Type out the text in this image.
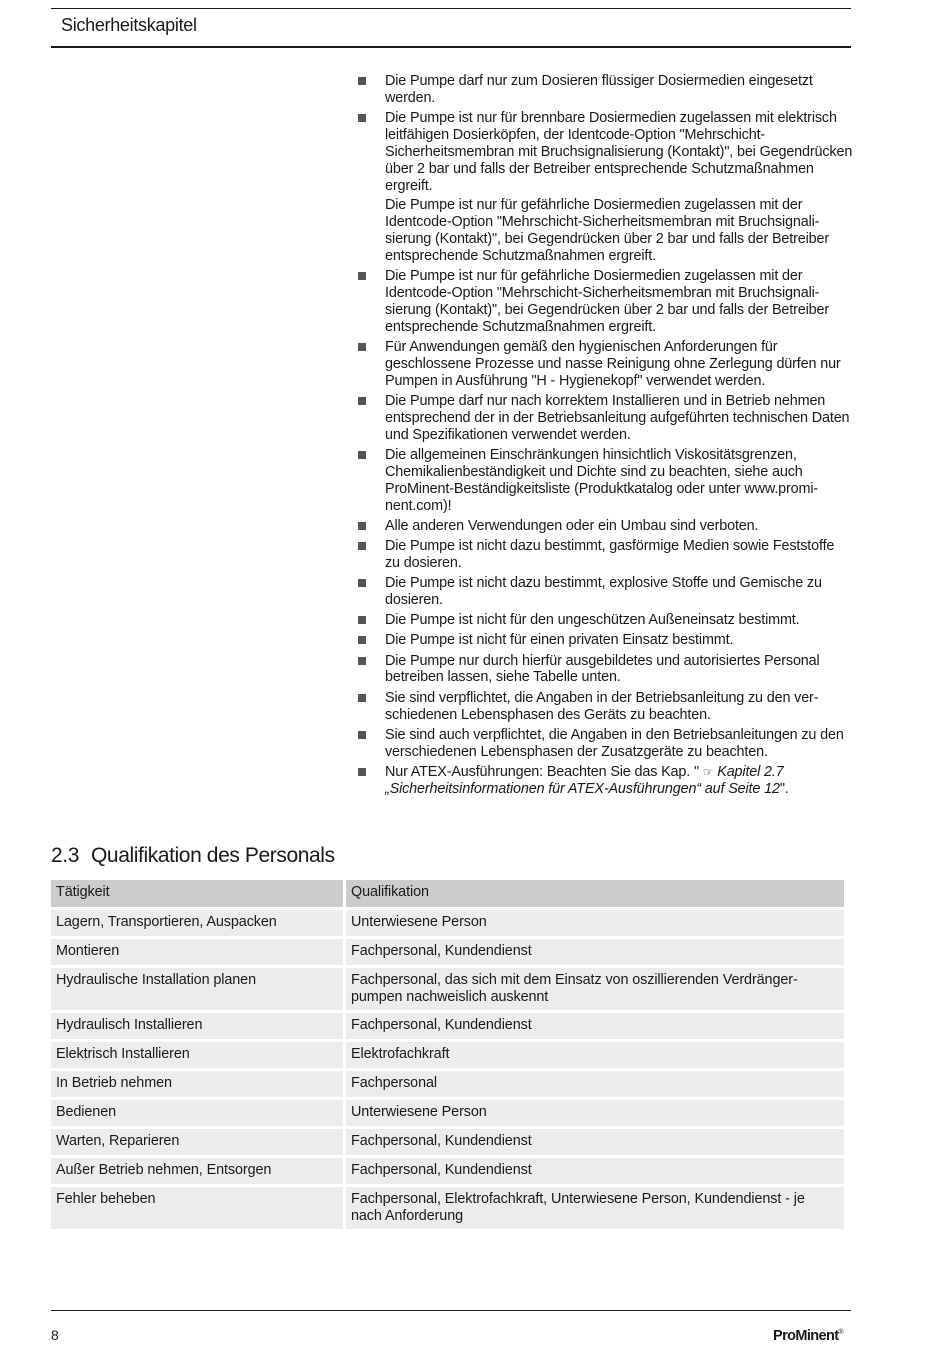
Sicherheitskapitel
Die Pumpe darf nur zum Dosieren flüssiger Dosiermedien eingesetzt werden.
Die Pumpe ist nur für brennbare Dosiermedien zugelassen mit elektrisch leitfähigen Dosierköpfen, der Identcode-Option "Mehrschicht-Sicherheitsmembran mit Bruchsignalisierung (Kontakt)", bei Gegendrücken über 2 bar und falls der Betreiber entsprechende Schutzmaßnahmen ergreift.
Die Pumpe ist nur für gefährliche Dosiermedien zugelassen mit der Identcode-Option "Mehrschicht-Sicherheitsmembran mit Bruchsignalisierung (Kontakt)", bei Gegendrücken über 2 bar und falls der Betreiber entsprechende Schutzmaßnahmen ergreift.
Die Pumpe ist nur für gefährliche Dosiermedien zugelassen mit der Identcode-Option "Mehrschicht-Sicherheitsmembran mit Bruchsignalisierung (Kontakt)", bei Gegendrücken über 2 bar und falls der Betreiber entsprechende Schutzmaßnahmen ergreift.
Für Anwendungen gemäß den hygienischen Anforderungen für geschlossene Prozesse und nasse Reinigung ohne Zerlegung dürfen nur Pumpen in Ausführung "H - Hygienekopf" verwendet werden.
Die Pumpe darf nur nach korrektem Installieren und in Betrieb nehmen entsprechend der in der Betriebsanleitung aufgeführten technischen Daten und Spezifikationen verwendet werden.
Die allgemeinen Einschränkungen hinsichtlich Viskositätsgrenzen, Chemikalienbeständigkeit und Dichte sind zu beachten, siehe auch ProMinent-Beständigkeitsliste (Produktkatalog oder unter www.prominent.com)!
Alle anderen Verwendungen oder ein Umbau sind verboten.
Die Pumpe ist nicht dazu bestimmt, gasförmige Medien sowie Feststoffe zu dosieren.
Die Pumpe ist nicht dazu bestimmt, explosive Stoffe und Gemische zu dosieren.
Die Pumpe ist nicht für den ungeschützen Außeneinsatz bestimmt.
Die Pumpe ist nicht für einen privaten Einsatz bestimmt.
Die Pumpe nur durch hierfür ausgebildetes und autorisiertes Personal betreiben lassen, siehe Tabelle unten.
Sie sind verpflichtet, die Angaben in der Betriebsanleitung zu den verschiedenen Lebensphasen des Geräts zu beachten.
Sie sind auch verpflichtet, die Angaben in den Betriebsanleitungen zu den verschiedenen Lebensphasen der Zusatzgeräte zu beachten.
Nur ATEX-Ausführungen: Beachten Sie das Kap. " ☞ Kapitel 2.7 „Sicherheitsinformationen für ATEX-Ausführungen“ auf Seite 12".
2.3 Qualifikation des Personals
Tätigkeit	Qualifikation
Lagern, Transportieren, Auspacken	Unterwiesene Person
Montieren	Fachpersonal, Kundendienst
Hydraulische Installation planen	Fachpersonal, das sich mit dem Einsatz von oszillierenden Verdrängerpumpen nachweislich auskennt
Hydraulisch Installieren	Fachpersonal, Kundendienst
Elektrisch Installieren	Elektrofachkraft
In Betrieb nehmen	Fachpersonal
Bedienen	Unterwiesene Person
Warten, Reparieren	Fachpersonal, Kundendienst
Außer Betrieb nehmen, Entsorgen	Fachpersonal, Kundendienst
Fehler beheben	Fachpersonal, Elektrofachkraft, Unterwiesene Person, Kundendienst - je nach Anforderung
8	ProMinent®
